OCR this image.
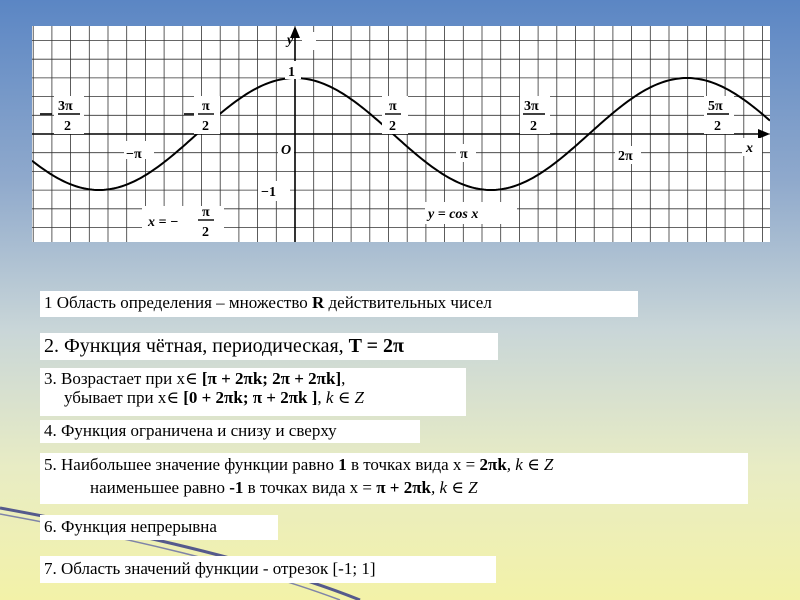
y
x
O
1
−1
−π	π	2π
3π
2
π
2
π
2
3π
2
5π
2
x = −
π
2
y = cos x
1 Область определения – множество R действительных чисел
2. Функция чётная, периодическая, T = 2π
3. Возрастает при x∈ [π + 2πk; 2π + 2πk],
убывает при x∈ [0 + 2πk; π + 2πk ], k ∈ Z
4. Функция ограничена и снизу и сверху
5. Наибольшее значение функции равно 1 в точках вида x = 2πk, k ∈ Z
наименьшее равно -1 в точках вида x = π + 2πk, k ∈ Z
6. Функция непрерывна
7. Область значений функции - отрезок [-1; 1]
